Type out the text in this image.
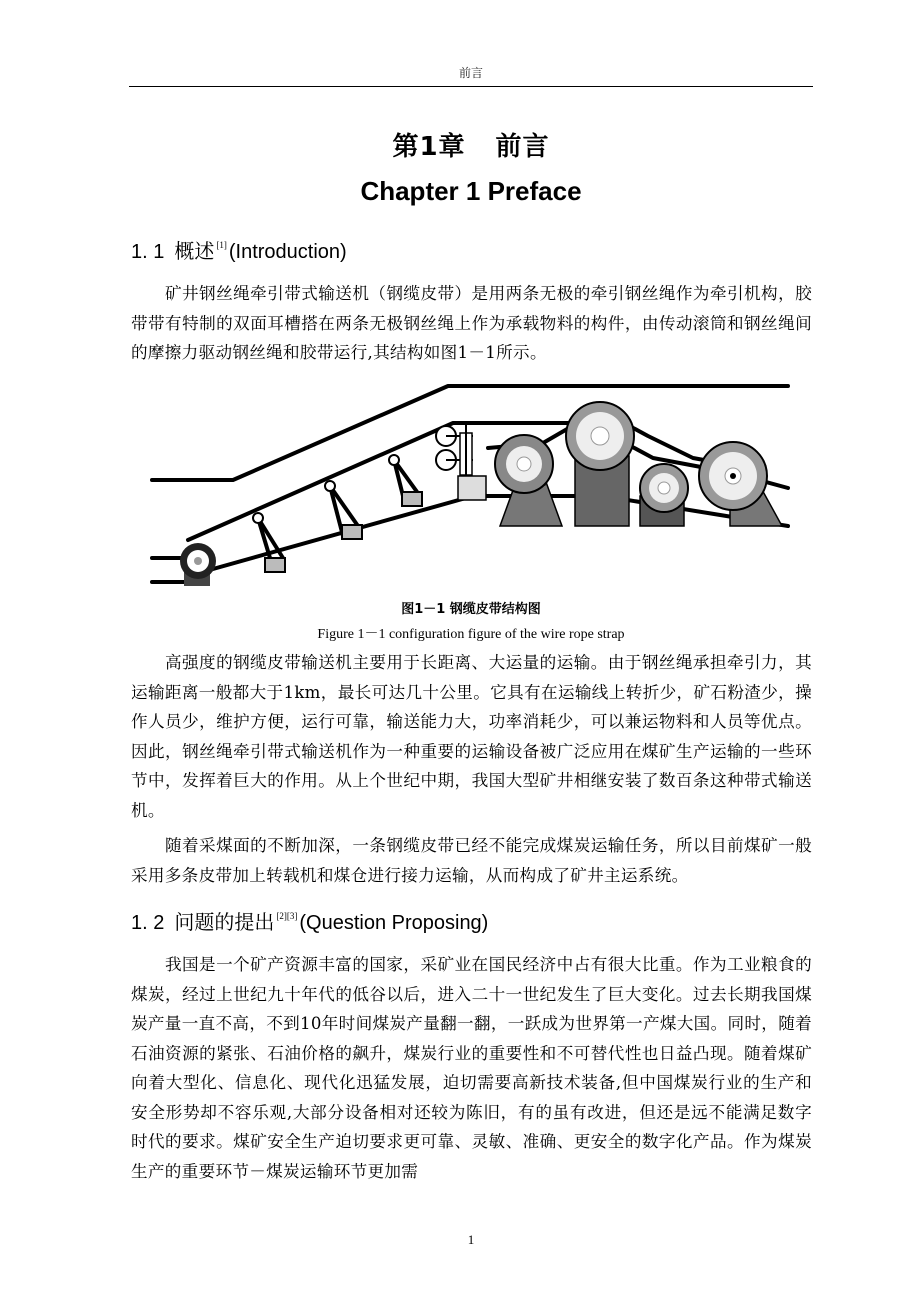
前言
第1章 前言
Chapter 1 Preface
1. 1 概述 [1] (Introduction)

矿井钢丝绳牵引带式输送机（钢缆皮带）是用两条无极的牵引钢丝绳作为牵引机构，胶带带有特制的双面耳槽搭在两条无极钢丝绳上作为承载物料的构件，由传动滚筒和钢丝绳间的摩擦力驱动钢丝绳和胶带运行,其结构如图1－1所示。

图1－1 钢缆皮带结构图
Figure 1－1 configuration figure of the wire rope strap

高强度的钢缆皮带输送机主要用于长距离、大运量的运输。由于钢丝绳承担牵引力，其运输距离一般都大于1km，最长可达几十公里。它具有在运输线上转折少，矿石粉渣少，操作人员少，维护方便，运行可靠，输送能力大，功率消耗少，可以兼运物料和人员等优点。因此，钢丝绳牵引带式输送机作为一种重要的运输设备被广泛应用在煤矿生产运输的一些环节中，发挥着巨大的作用。从上个世纪中期，我国大型矿井相继安装了数百条这种带式输送机。

随着采煤面的不断加深，一条钢缆皮带已经不能完成煤炭运输任务，所以目前煤矿一般采用多条皮带加上转载机和煤仓进行接力运输，从而构成了矿井主运系统。

1. 2 问题的提出 [2][3] (Question Proposing)

我国是一个矿产资源丰富的国家，采矿业在国民经济中占有很大比重。作为工业粮食的煤炭，经过上世纪九十年代的低谷以后，进入二十一世纪发生了巨大变化。过去长期我国煤炭产量一直不高，不到10年时间煤炭产量翻一翻，一跃成为世界第一产煤大国。同时，随着石油资源的紧张、石油价格的飙升，煤炭行业的重要性和不可替代性也日益凸现。随着煤矿向着大型化、信息化、现代化迅猛发展，迫切需要高新技术装备,但中国煤炭行业的生产和安全形势却不容乐观,大部分设备相对还较为陈旧，有的虽有改进，但还是远不能满足数字时代的要求。煤矿安全生产迫切要求更可靠、灵敏、准确、更安全的数字化产品。作为煤炭生产的重要环节－煤炭运输环节更加需

1
